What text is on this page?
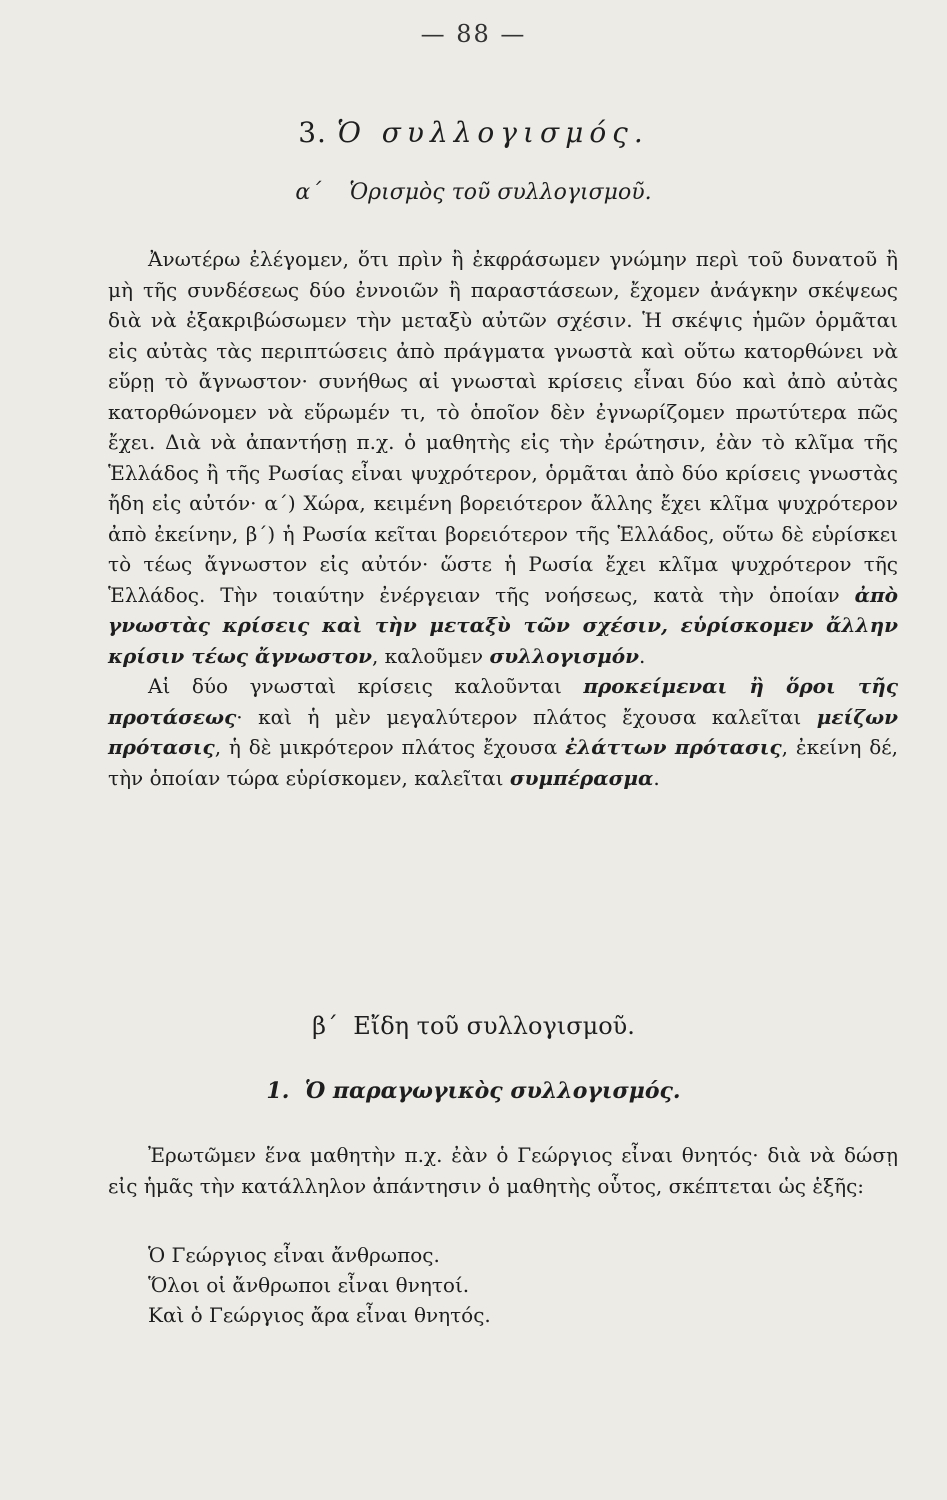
— 88 —
3. Ὁ συλλογισμός.
α΄ Ὁρισμὸς τοῦ συλλογισμοῦ.

Ἀνωτέρω ἐλέγομεν, ὅτι πρὶν ἢ ἐκφράσωμεν γνώμην περὶ τοῦ δυνατοῦ ἢ μὴ τῆς συνδέσεως δύο ἐννοιῶν ἢ παραστάσεων, ἔχομεν ἀνάγκην σκέψεως διὰ νὰ ἐξακριβώσωμεν τὴν μεταξὺ αὐτῶν σχέσιν. Ἡ σκέψις ἡμῶν ὁρμᾶται εἰς αὐτὰς τὰς περιπτώσεις ἀπὸ πράγματα γνωστὰ καὶ οὕτω κατορθώνει νὰ εὕρῃ τὸ ἄγνωστον· συνήθως αἱ γνωσταὶ κρίσεις εἶναι δύο καὶ ἀπὸ αὐτὰς κατορθώνομεν νὰ εὕρωμέν τι, τὸ ὁποῖον δὲν ἐγνωρίζομεν πρωτύτερα πῶς ἔχει. Διὰ νὰ ἀπαντήσῃ π.χ. ὁ μαθητὴς εἰς τὴν ἐρώτησιν, ἐὰν τὸ κλῖμα τῆς Ἑλλάδος ἢ τῆς Ρωσίας εἶναι ψυχρότερον, ὁρμᾶται ἀπὸ δύο κρίσεις γνωστὰς ἤδη εἰς αὐτόν· α΄) Χώρα, κειμένη βορειότερον ἄλλης ἔχει κλῖμα ψυχρότερον ἀπὸ ἐκείνην, β΄) ἡ Ρωσία κεῖται βορειότερον τῆς Ἑλλάδος, οὕτω δὲ εὑρίσκει τὸ τέως ἄγνωστον εἰς αὐτόν· ὥστε ἡ Ρωσία ἔχει κλῖμα ψυχρότερον τῆς Ἑλλάδος. Τὴν τοιαύτην ἐνέργειαν τῆς νοήσεως, κατὰ τὴν ὁποίαν ἀπὸ γνωστὰς κρίσεις καὶ τὴν μεταξὺ τῶν σχέσιν, εὑρίσκομεν ἄλλην κρίσιν τέως ἄγνωστον, καλοῦμεν συλλογισμόν.

Αἱ δύο γνωσταὶ κρίσεις καλοῦνται προκείμεναι ἢ ὅροι τῆς προτάσεως· καὶ ἡ μὲν μεγαλύτερον πλάτος ἔχουσα καλεῖται μείζων πρότασις, ἡ δὲ μικρότερον πλάτος ἔχουσα ἐλάττων πρότασις, ἐκείνη δέ, τὴν ὁποίαν τώρα εὑρίσκομεν, καλεῖται συμπέρασμα.

β΄ Εἴδη τοῦ συλλογισμοῦ.
1. Ὁ παραγωγικὸς συλλογισμός.

Ἐρωτῶμεν ἕνα μαθητὴν π.χ. ἐὰν ὁ Γεώργιος εἶναι θνητός· διὰ νὰ δώσῃ εἰς ἡμᾶς τὴν κατάλληλον ἀπάντησιν ὁ μαθητὴς οὗτος, σκέπτεται ὡς ἑξῆς:

Ὁ Γεώργιος εἶναι ἄνθρωπος.
Ὅλοι οἱ ἄνθρωποι εἶναι θνητοί.
Καὶ ὁ Γεώργιος ἄρα εἶναι θνητός.
